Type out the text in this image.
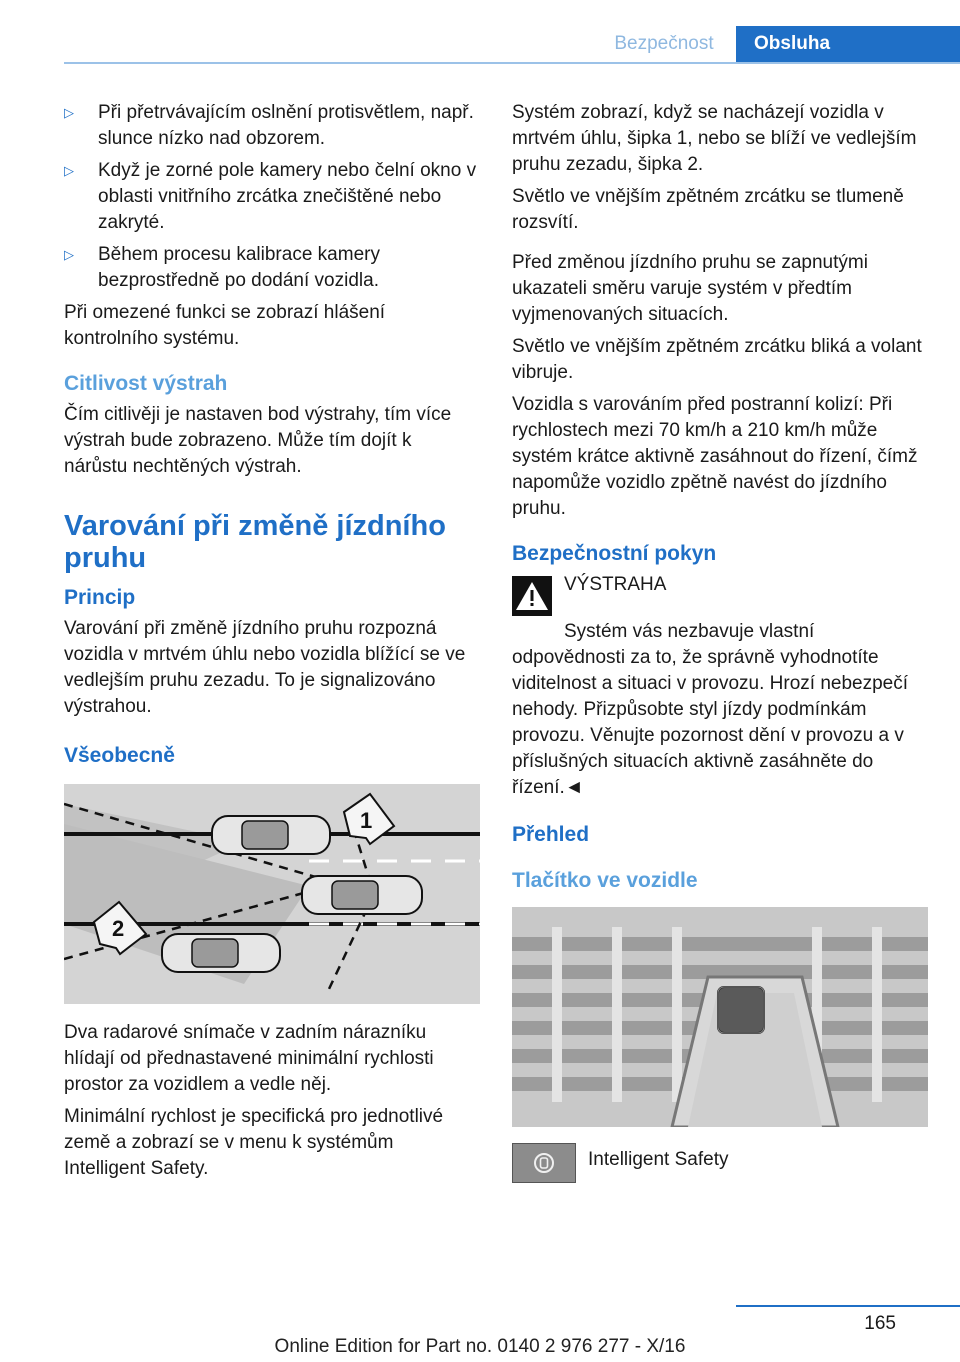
Bezpečnost	Obsluha
▷	Při přetrvávajícím oslnění protisvětlem, např. slunce nízko nad obzorem.
▷	Když je zorné pole kamery nebo čelní okno v oblasti vnitřního zrcátka znečištěné nebo zakryté.
▷	Během procesu kalibrace kamery bezprostředně po dodání vozidla.

Při omezené funkci se zobrazí hlášení kontrolního systému.

Citlivost výstrah

Čím citlivěji je nastaven bod výstrahy, tím více výstrah bude zobrazeno. Může tím dojít k nárůstu nechtěných výstrah.

Varování při změně jízdního pruhu
Princip

Varování při změně jízdního pruhu rozpozná vozidla v mrtvém úhlu nebo vozidla blížící se ve vedlejším pruhu zezadu. To je signalizováno výstrahou.

Všeobecně
1
2

Dva radarové snímače v zadním nárazníku hlídají od přednastavené minimální rychlosti prostor za vozidlem a vedle něj.

Minimální rychlost je specifická pro jednotlivé země a zobrazí se v menu k systémům Intelligent Safety.

Systém zobrazí, když se nacházejí vozidla v mrtvém úhlu, šipka 1, nebo se blíží ve vedlejším pruhu zezadu, šipka 2.

Světlo ve vnějším zpětném zrcátku se tlumeně rozsvítí.

Před změnou jízdního pruhu se zapnutými ukazateli směru varuje systém v předtím vyjmenovaných situacích.

Světlo ve vnějším zpětném zrcátku bliká a volant vibruje.

Vozidla s varováním před postranní kolizí: Při rychlostech mezi 70 km/h a 210 km/h může systém krátce aktivně zasáhnout do řízení, čímž napomůže vozidlo zpětně navést do jízdního pruhu.

Bezpečnostní pokyn

VÝSTRAHA

Systém vás nezbavuje vlastní odpovědnosti za to, že správně vyhodnotíte viditelnost a situaci v provozu. Hrozí nebezpečí nehody. Přizpůsobte styl jízdy podmínkám provozu. Věnujte pozornost dění v provozu a v příslušných situacích aktivně zasáhněte do řízení.◄

Přehled
Tlačítko ve vozidle

Intelligent Safety

165
Online Edition for Part no. 0140 2 976 277 - X/16
